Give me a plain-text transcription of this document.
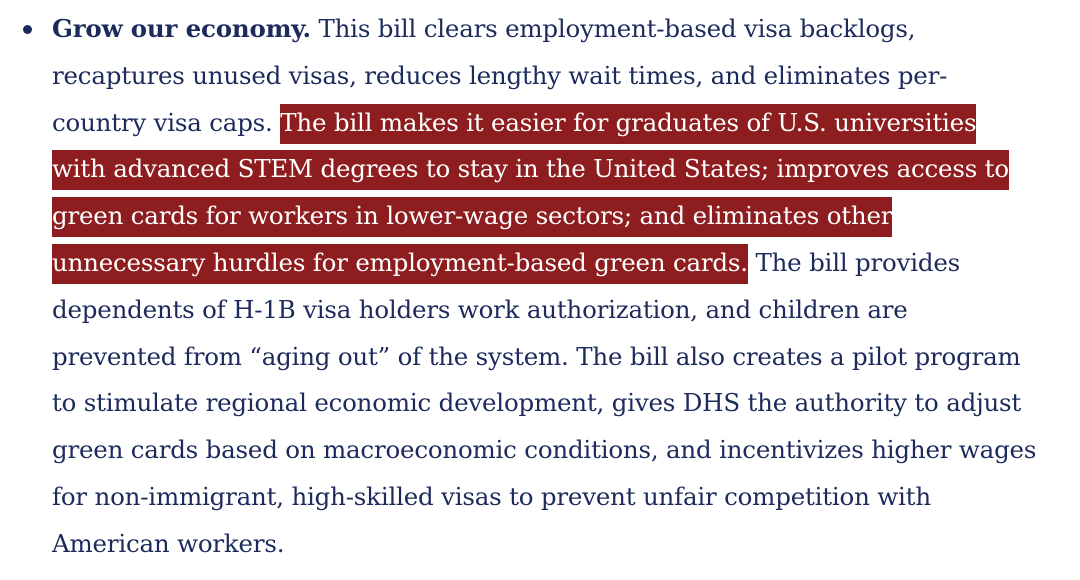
Grow our economy. This bill clears employment-based visa backlogs, recaptures unused visas, reduces lengthy wait times, and eliminates per-country visa caps. The bill makes it easier for graduates of U.S. universities with advanced STEM degrees to stay in the United States; improves access to green cards for workers in lower-wage sectors; and eliminates other unnecessary hurdles for employment-based green cards. The bill provides dependents of H-1B visa holders work authorization, and children are prevented from “aging out” of the system. The bill also creates a pilot program to stimulate regional economic development, gives DHS the authority to adjust green cards based on macroeconomic conditions, and incentivizes higher wages for non-immigrant, high-skilled visas to prevent unfair competition with American workers.
